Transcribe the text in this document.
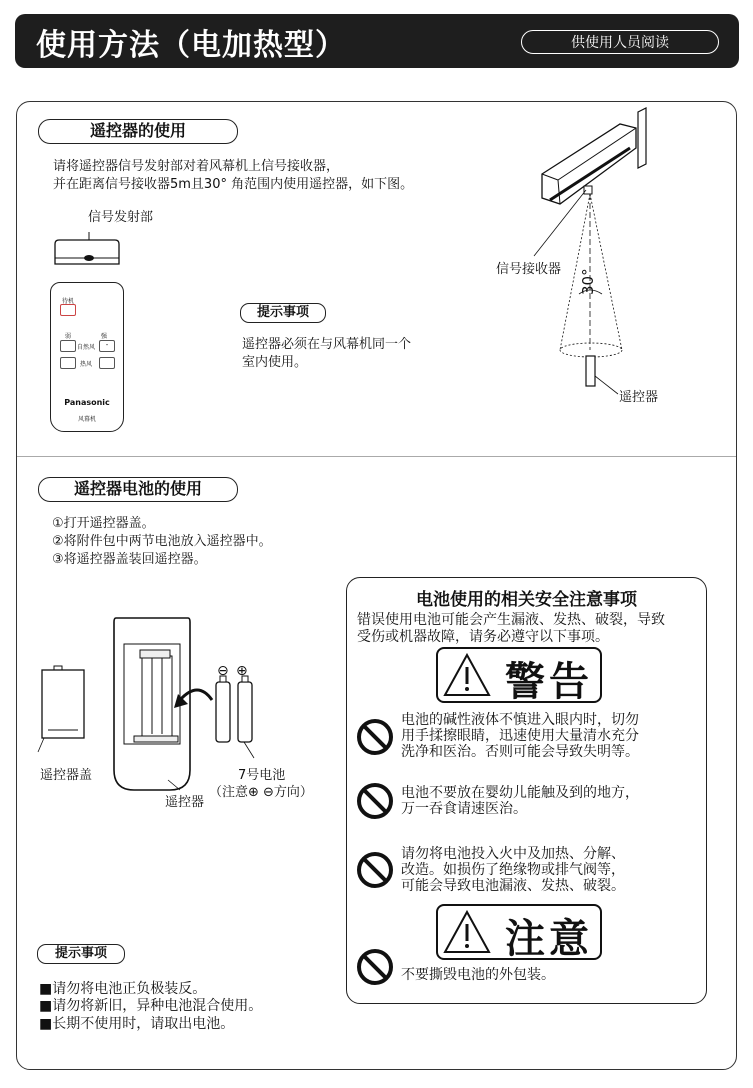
使用方法（电加热型）	供使用人员阅读
遥控器的使用
请将遥控器信号发射部对着风幕机上信号接收器，
并在距离信号接收器5m且30° 角范围内使用遥控器，如下图。
信号发射部
待机
弱	强
自然风	-
热风
Panasonic
风幕机
提示事项
遥控器必须在与风幕机同一个
室内使用。
30°
信号接收器
遥控器
遥控器电池的使用
①打开遥控器盖。
②将附件包中两节电池放入遥控器中。
③将遥控器盖装回遥控器。
⊖ ⊕
遥控器盖	7号电池
（注意⊕ ⊖方向）
遥控器
提示事项
■请勿将电池正负极装反。
■请勿将新旧，异种电池混合使用。
■长期不使用时，请取出电池。
电池使用的相关安全注意事项
错误使用电池可能会产生漏液、发热、破裂，导致
受伤或机器故障，请务必遵守以下事项。
警告
电池的碱性液体不慎进入眼内时，切勿
用手揉擦眼睛，迅速使用大量清水充分
洗净和医治。否则可能会导致失明等。
电池不要放在婴幼儿能触及到的地方，
万一吞食请速医治。
请勿将电池投入火中及加热、分解、
改造。如损伤了绝缘物或排气阀等，
可能会导致电池漏液、发热、破裂。
注意
不要撕毁电池的外包装。
